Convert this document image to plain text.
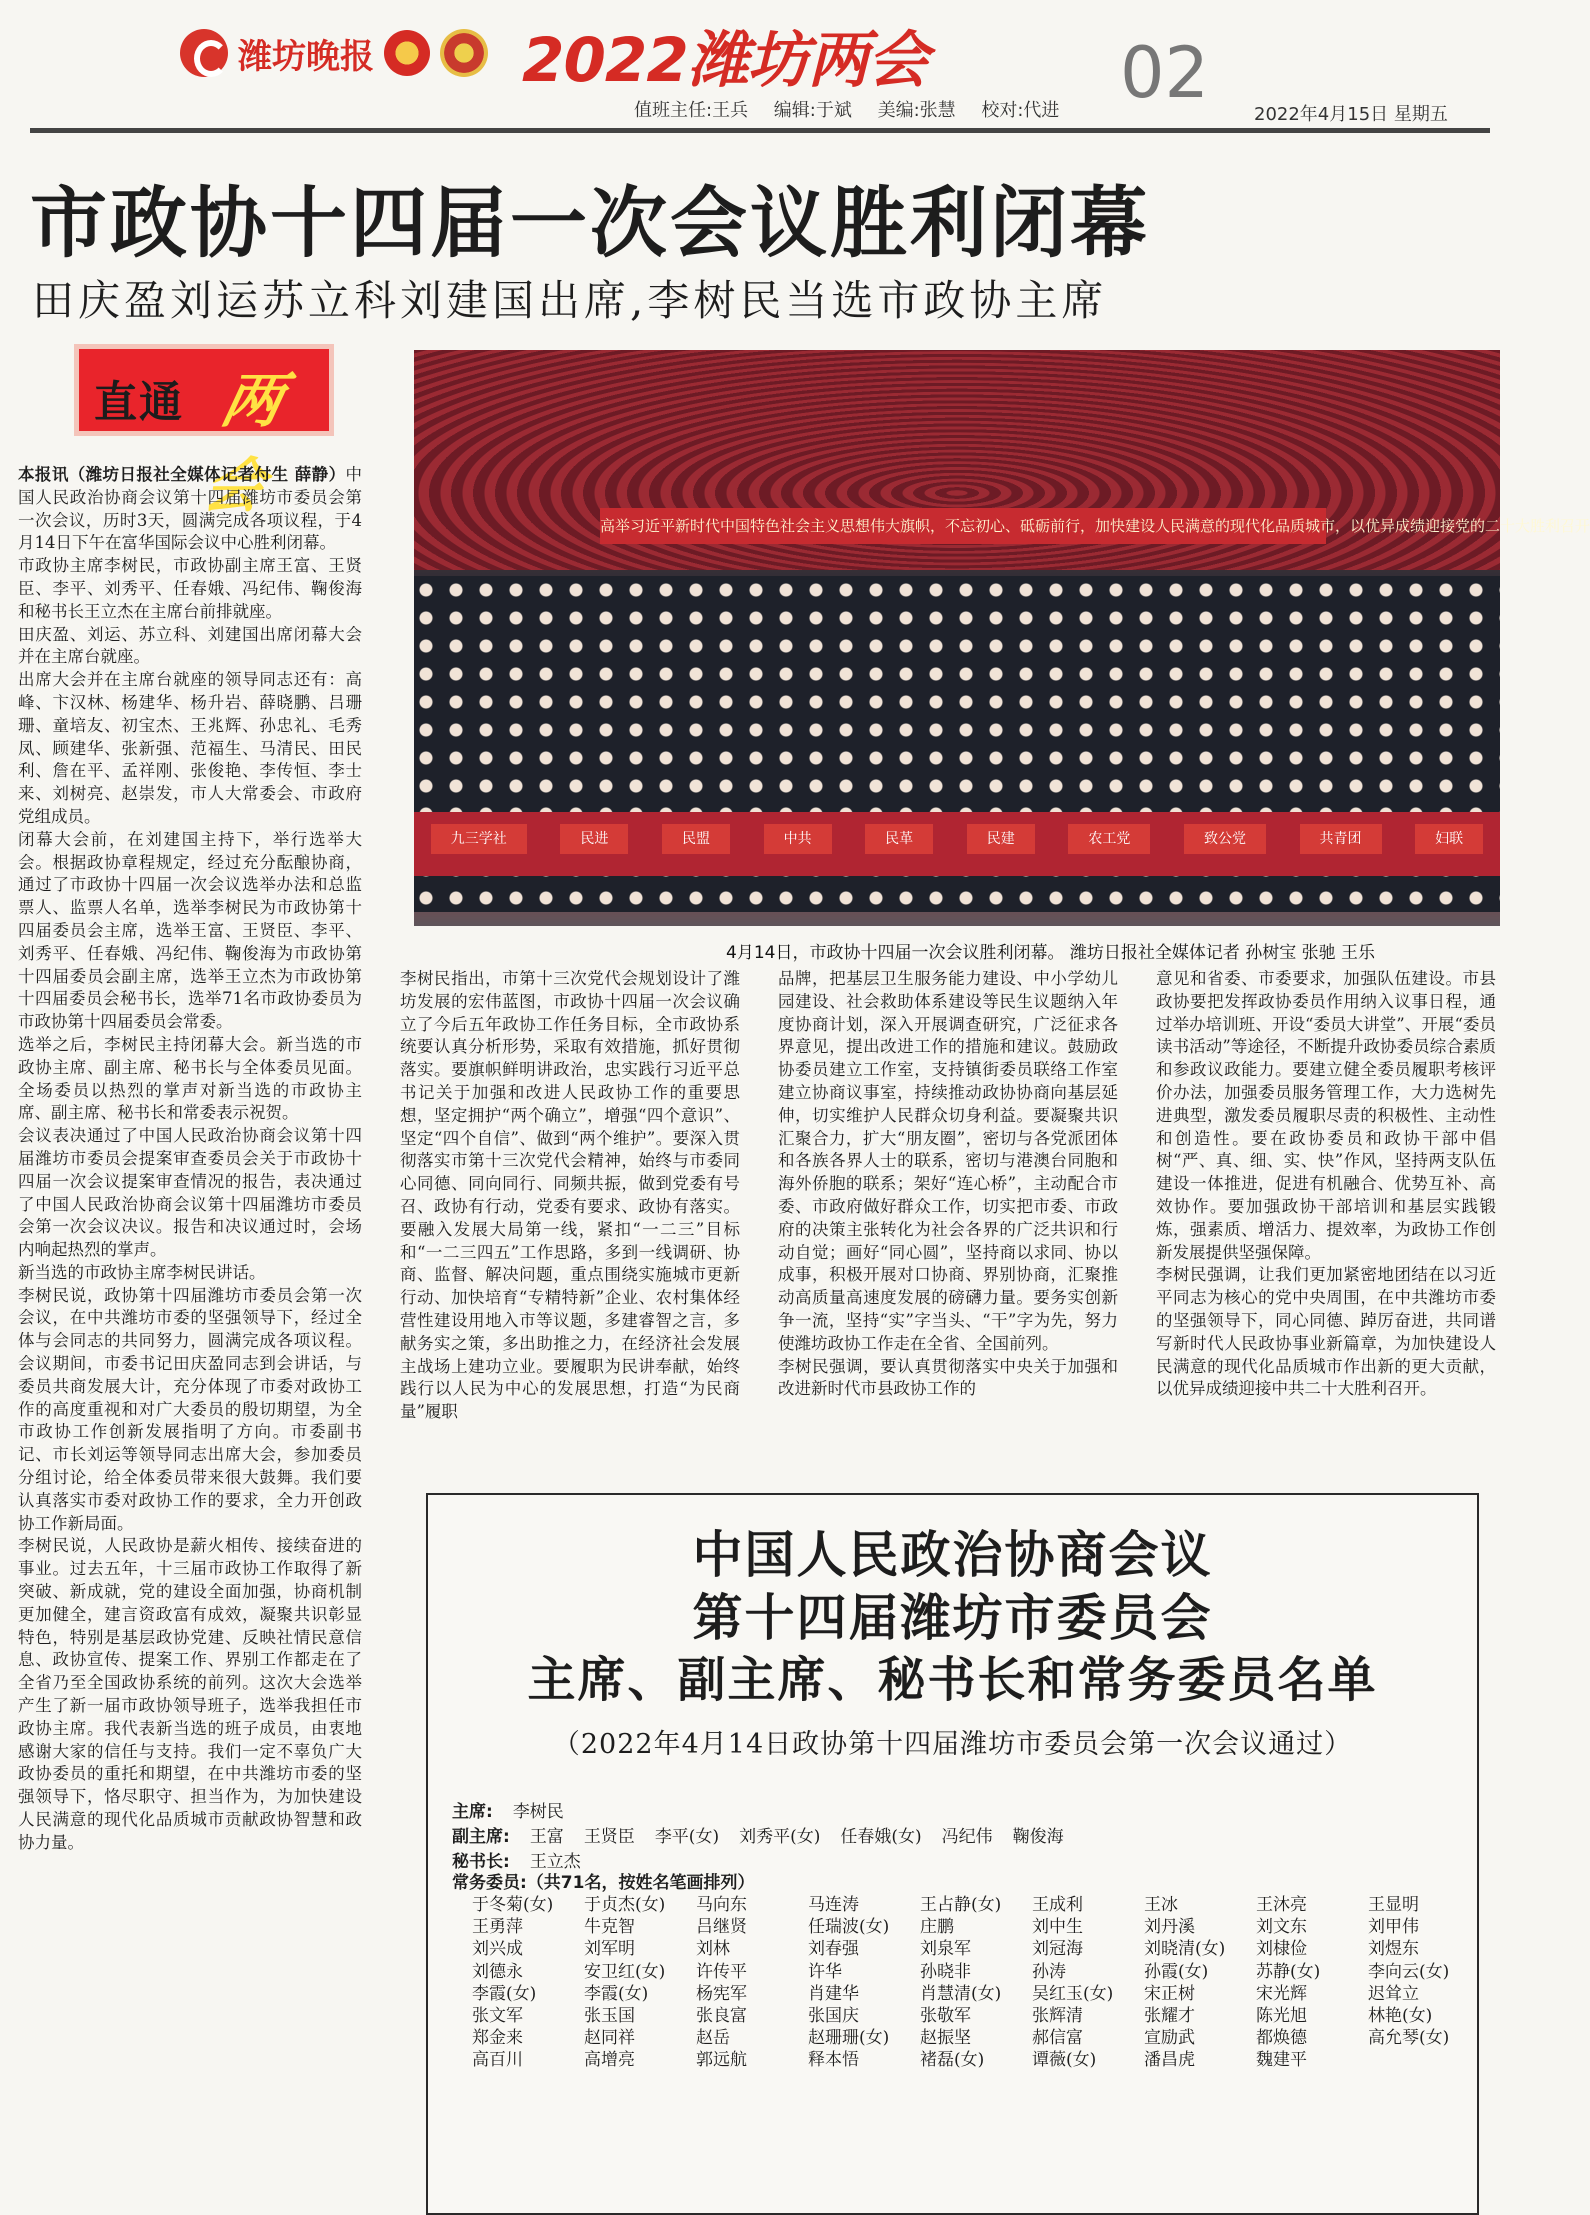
潍坊晚报 2022潍坊两会	02
值班主任:王兵 编辑:于斌 美编:张慧 校对:代进	2022年4月15日 星期五
市政协十四届一次会议胜利闭幕
田庆盈刘运苏立科刘建国出席,李树民当选市政协主席
直通 两会
高举习近平新时代中国特色社会主义思想伟大旗帜，不忘初心、砥砺前行，加快建设人民满意的现代化品质城市，以优异成绩迎接党的二十大胜利召开
九三学社	民进	民盟	中共	民革	民建	农工党	致公党	共青团	妇联
4月14日，市政协十四届一次会议胜利闭幕。 潍坊日报社全媒体记者 孙树宝 张驰 王乐

本报讯（潍坊日报社全媒体记者付生 薛静）中国人民政治协商会议第十四届潍坊市委员会第一次会议，历时3天，圆满完成各项议程，于4月14日下午在富华国际会议中心胜利闭幕。

市政协主席李树民，市政协副主席王富、王贤臣、李平、刘秀平、任春娥、冯纪伟、鞠俊海和秘书长王立杰在主席台前排就座。

田庆盈、刘运、苏立科、刘建国出席闭幕大会并在主席台就座。

出席大会并在主席台就座的领导同志还有：高峰、卞汉林、杨建华、杨升岩、薛晓鹏、吕珊珊、童培友、初宝杰、王兆辉、孙忠礼、毛秀凤、顾建华、张新强、范福生、马清民、田民利、詹在平、孟祥刚、张俊艳、李传恒、李士来、刘树亮、赵崇发，市人大常委会、市政府党组成员。

闭幕大会前，在刘建国主持下，举行选举大会。根据政协章程规定，经过充分酝酿协商，通过了市政协十四届一次会议选举办法和总监票人、监票人名单，选举李树民为市政协第十四届委员会主席，选举王富、王贤臣、李平、刘秀平、任春娥、冯纪伟、鞠俊海为市政协第十四届委员会副主席，选举王立杰为市政协第十四届委员会秘书长，选举71名市政协委员为市政协第十四届委员会常委。

选举之后，李树民主持闭幕大会。新当选的市政协主席、副主席、秘书长与全体委员见面。全场委员以热烈的掌声对新当选的市政协主席、副主席、秘书长和常委表示祝贺。

会议表决通过了中国人民政治协商会议第十四届潍坊市委员会提案审查委员会关于市政协十四届一次会议提案审查情况的报告，表决通过了中国人民政治协商会议第十四届潍坊市委员会第一次会议决议。报告和决议通过时，会场内响起热烈的掌声。

新当选的市政协主席李树民讲话。

李树民说，政协第十四届潍坊市委员会第一次会议，在中共潍坊市委的坚强领导下，经过全体与会同志的共同努力，圆满完成各项议程。会议期间，市委书记田庆盈同志到会讲话，与委员共商发展大计，充分体现了市委对政协工作的高度重视和对广大委员的殷切期望，为全市政协工作创新发展指明了方向。市委副书记、市长刘运等领导同志出席大会，参加委员分组讨论，给全体委员带来很大鼓舞。我们要认真落实市委对政协工作的要求，全力开创政协工作新局面。

李树民说，人民政协是薪火相传、接续奋进的事业。过去五年，十三届市政协工作取得了新突破、新成就，党的建设全面加强，协商机制更加健全，建言资政富有成效，凝聚共识彰显特色，特别是基层政协党建、反映社情民意信息、政协宣传、提案工作、界别工作都走在了全省乃至全国政协系统的前列。这次大会选举产生了新一届市政协领导班子，选举我担任市政协主席。我代表新当选的班子成员，由衷地感谢大家的信任与支持。我们一定不辜负广大政协委员的重托和期望，在中共潍坊市委的坚强领导下，恪尽职守、担当作为，为加快建设人民满意的现代化品质城市贡献政协智慧和政协力量。

李树民指出，市第十三次党代会规划设计了潍坊发展的宏伟蓝图，市政协十四届一次会议确立了今后五年政协工作任务目标，全市政协系统要认真分析形势，采取有效措施，抓好贯彻落实。要旗帜鲜明讲政治，忠实践行习近平总书记关于加强和改进人民政协工作的重要思想，坚定拥护“两个确立”，增强“四个意识”、坚定“四个自信”、做到“两个维护”。要深入贯彻落实市第十三次党代会精神，始终与市委同心同德、同向同行、同频共振，做到党委有号召、政协有行动，党委有要求、政协有落实。要融入发展大局第一线，紧扣“一二三”目标和“一二三四五”工作思路，多到一线调研、协商、监督、解决问题，重点围绕实施城市更新行动、加快培育“专精特新”企业、农村集体经营性建设用地入市等议题，多建睿智之言，多献务实之策，多出助推之力，在经济社会发展主战场上建功立业。要履职为民讲奉献，始终践行以人民为中心的发展思想，打造“为民商量”履职

品牌，把基层卫生服务能力建设、中小学幼儿园建设、社会救助体系建设等民生议题纳入年度协商计划，深入开展调查研究，广泛征求各界意见，提出改进工作的措施和建议。鼓励政协委员建立工作室，支持镇街委员联络工作室建立协商议事室，持续推动政协协商向基层延伸，切实维护人民群众切身利益。要凝聚共识汇聚合力，扩大“朋友圈”，密切与各党派团体和各族各界人士的联系，密切与港澳台同胞和海外侨胞的联系；架好“连心桥”，主动配合市委、市政府做好群众工作，切实把市委、市政府的决策主张转化为社会各界的广泛共识和行动自觉；画好“同心圆”，坚持商以求同、协以成事，积极开展对口协商、界别协商，汇聚推动高质量高速度发展的磅礴力量。要务实创新争一流，坚持“实”字当头、“干”字为先，努力使潍坊政协工作走在全省、全国前列。

李树民强调，要认真贯彻落实中央关于加强和改进新时代市县政协工作的

意见和省委、市委要求，加强队伍建设。市县政协要把发挥政协委员作用纳入议事日程，通过举办培训班、开设“委员大讲堂”、开展“委员读书活动”等途径，不断提升政协委员综合素质和参政议政能力。要建立健全委员履职考核评价办法，加强委员服务管理工作，大力选树先进典型，激发委员履职尽责的积极性、主动性和创造性。要在政协委员和政协干部中倡树“严、真、细、实、快”作风，坚持两支队伍建设一体推进，促进有机融合、优势互补、高效协作。要加强政协干部培训和基层实践锻炼，强素质、增活力、提效率，为政协工作创新发展提供坚强保障。

李树民强调，让我们更加紧密地团结在以习近平同志为核心的党中央周围，在中共潍坊市委的坚强领导下，同心同德、踔厉奋进，共同谱写新时代人民政协事业新篇章，为加快建设人民满意的现代化品质城市作出新的更大贡献，以优异成绩迎接中共二十大胜利召开。

中国人民政治协商会议
第十四届潍坊市委员会
主席、副主席、秘书长和常务委员名单
（2022年4月14日政协第十四届潍坊市委员会第一次会议通过）
主席: 李树民
副主席: 王富 王贤臣 李平(女) 刘秀平(女) 任春娥(女) 冯纪伟 鞠俊海
秘书长: 王立杰
常务委员:（共71名，按姓名笔画排列）
于冬菊(女)	于贞杰(女)	马向东	马连涛	王占静(女)	王成利	王冰	王沐亮	王显明
王勇萍	牛克智	吕继贤	任瑞波(女)	庄鹏	刘中生	刘丹溪	刘文东	刘甲伟
刘兴成	刘军明	刘林	刘春强	刘泉军	刘冠海	刘晓清(女)	刘棣俭	刘煜东
刘德永	安卫红(女)	许传平	许华	孙晓非	孙涛	孙霞(女)	苏静(女)	李向云(女)
李霞(女)	李霞(女)	杨宪军	肖建华	肖慧清(女)	吴红玉(女)	宋正树	宋光辉	迟耸立
张文军	张玉国	张良富	张国庆	张敬军	张辉清	张耀才	陈光旭	林艳(女)
郑金来	赵同祥	赵岳	赵珊珊(女)	赵振坚	郝信富	宣励武	都焕德	高允琴(女)
高百川	高增亮	郭远航	释本悟	褚磊(女)	谭薇(女)	潘昌虎	魏建平
